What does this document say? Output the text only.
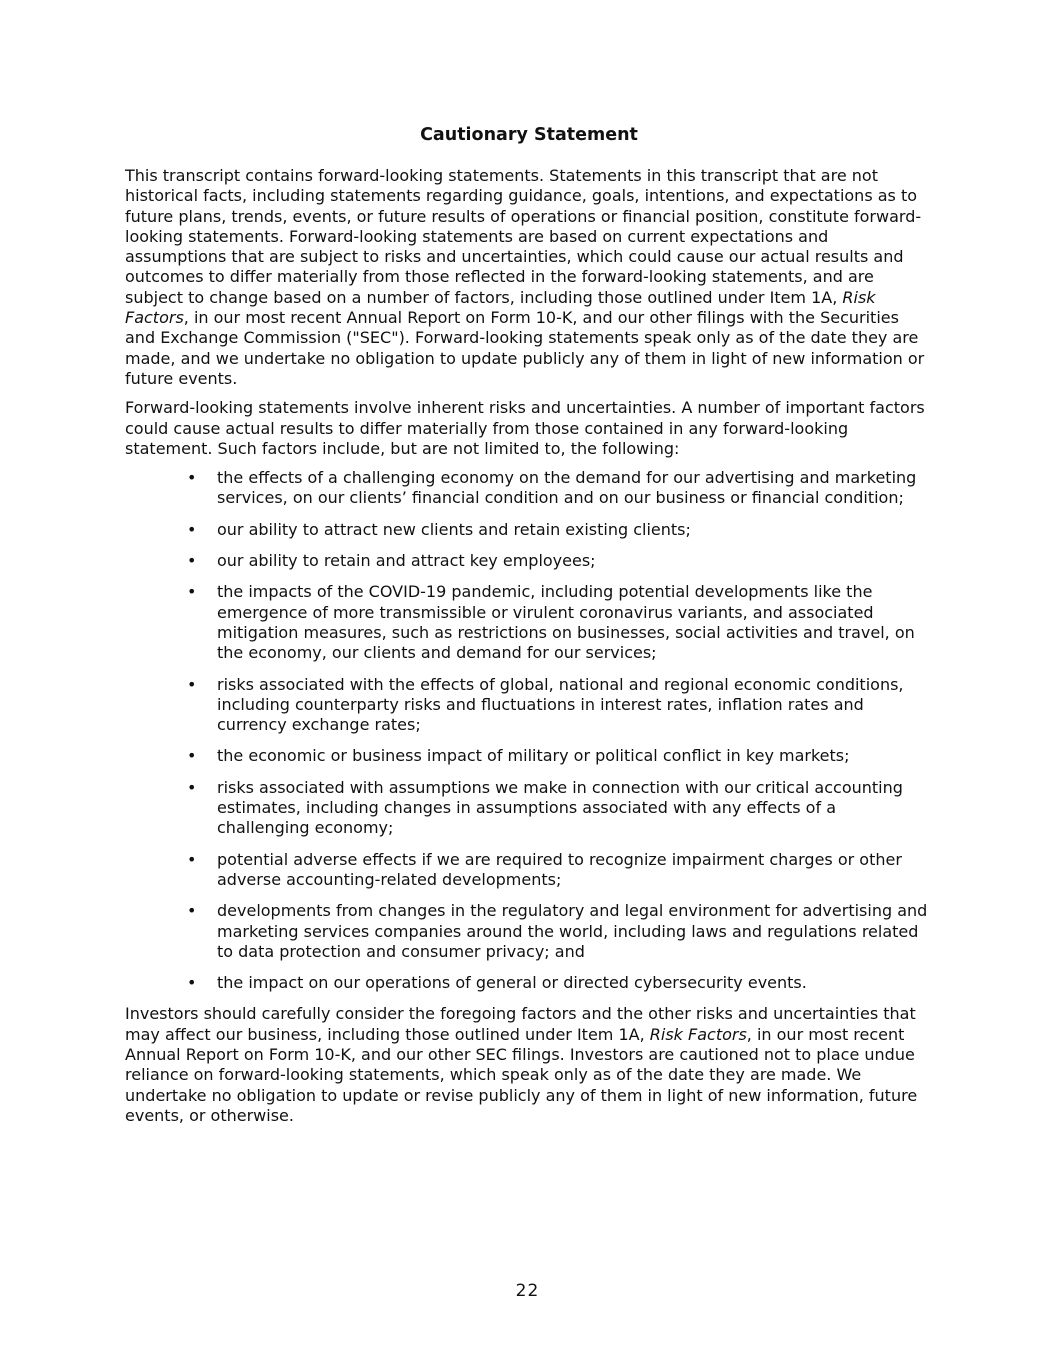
Cautionary Statement

This transcript contains forward-looking statements. Statements in this transcript that are not historical facts, including statements regarding guidance, goals, intentions, and expectations as to future plans, trends, events, or future results of operations or financial position, constitute forward-looking statements. Forward-looking statements are based on current expectations and assumptions that are subject to risks and uncertainties, which could cause our actual results and outcomes to differ materially from those reflected in the forward-looking statements, and are subject to change based on a number of factors, including those outlined under Item 1A, Risk Factors, in our most recent Annual Report on Form 10-K, and our other filings with the Securities and Exchange Commission ("SEC"). Forward-looking statements speak only as of the date they are made, and we undertake no obligation to update publicly any of them in light of new information or future events.

Forward-looking statements involve inherent risks and uncertainties. A number of important factors could cause actual results to differ materially from those contained in any forward-looking statement. Such factors include, but are not limited to, the following:

• the effects of a challenging economy on the demand for our advertising and marketing services, on our clients’ financial condition and on our business or financial condition;
• our ability to attract new clients and retain existing clients;
• our ability to retain and attract key employees;
• the impacts of the COVID-19 pandemic, including potential developments like the emergence of more transmissible or virulent coronavirus variants, and associated mitigation measures, such as restrictions on businesses, social activities and travel, on the economy, our clients and demand for our services;
• risks associated with the effects of global, national and regional economic conditions, including counterparty risks and fluctuations in interest rates, inflation rates and currency exchange rates;
• the economic or business impact of military or political conflict in key markets;
• risks associated with assumptions we make in connection with our critical accounting estimates, including changes in assumptions associated with any effects of a challenging economy;
• potential adverse effects if we are required to recognize impairment charges or other adverse accounting-related developments;
• developments from changes in the regulatory and legal environment for advertising and marketing services companies around the world, including laws and regulations related to data protection and consumer privacy; and
• the impact on our operations of general or directed cybersecurity events.

Investors should carefully consider the foregoing factors and the other risks and uncertainties that may affect our business, including those outlined under Item 1A, Risk Factors, in our most recent Annual Report on Form 10-K, and our other SEC filings. Investors are cautioned not to place undue reliance on forward-looking statements, which speak only as of the date they are made. We undertake no obligation to update or revise publicly any of them in light of new information, future events, or otherwise.

22
